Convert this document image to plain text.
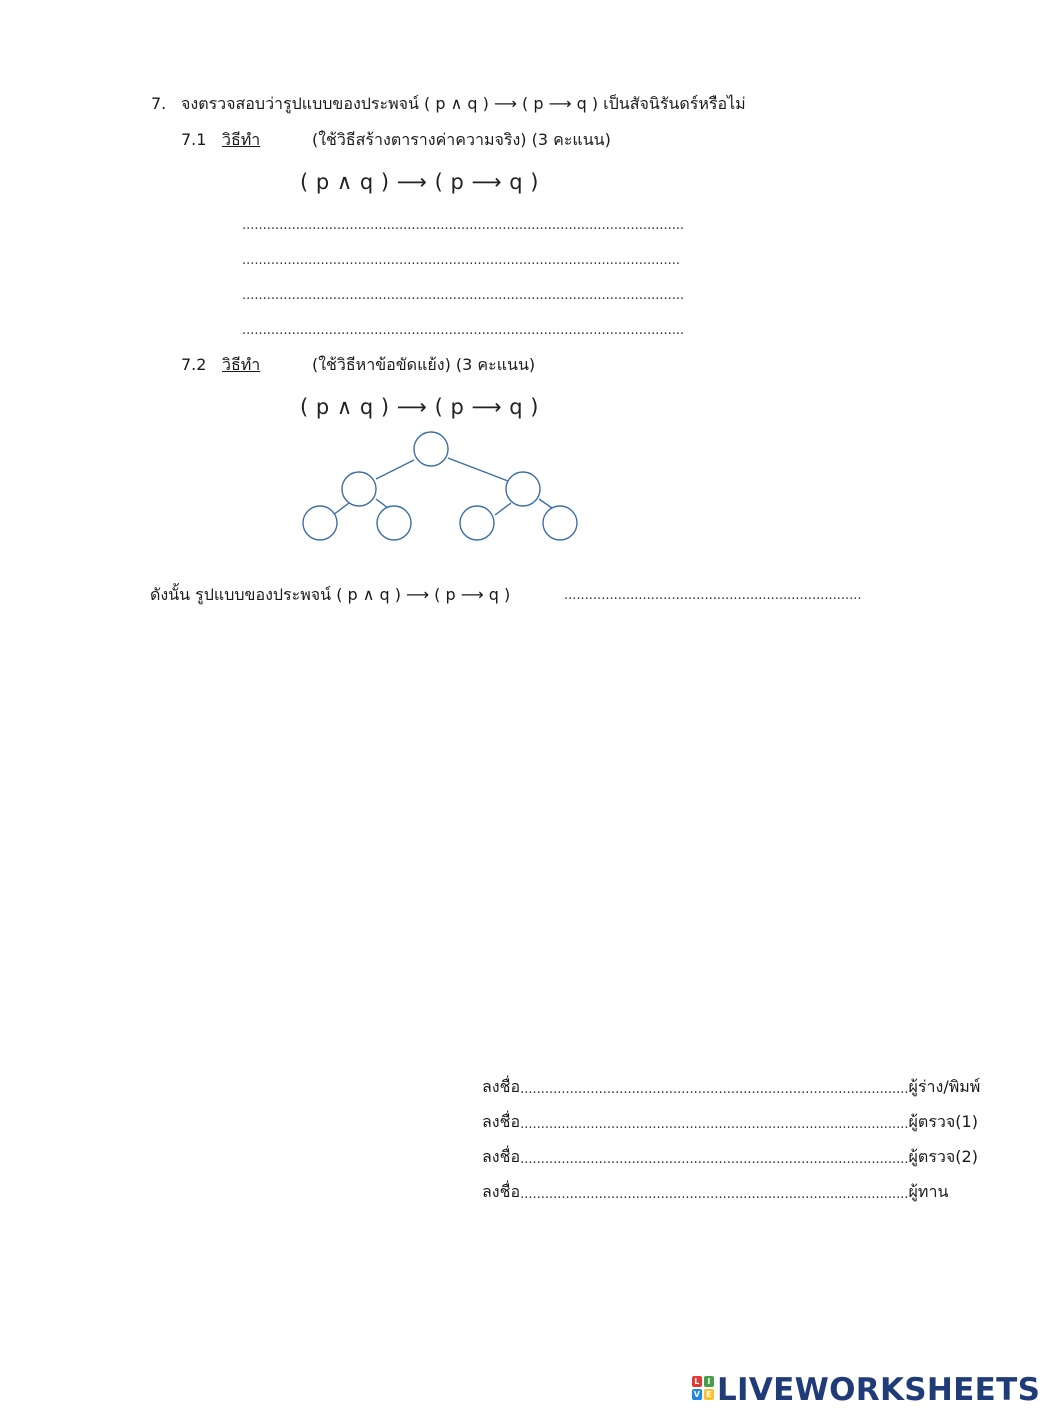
7. จงตรวจสอบว่ารูปแบบของประพจน์ ( p ∧ q ) ⟶ ( p ⟶ q ) เป็นสัจนิรันดร์หรือไม่
7.1 วิธีทำ	(ใช้วิธีสร้างตารางค่าความจริง) (3 คะแนน)
( p ∧ q ) ⟶ ( p ⟶ q )
...........................................................................................................
..........................................................................................................
...........................................................................................................
...........................................................................................................
7.2 วิธีทำ	(ใช้วิธีหาข้อขัดแย้ง) (3 คะแนน)
( p ∧ q ) ⟶ ( p ⟶ q )
ดังนั้น รูปแบบของประพจน์ ( p ∧ q ) ⟶ ( p ⟶ q )	........................................................................
ลงชื่อ .............................................................................................. ผู้ร่าง/พิมพ์
ลงชื่อ .............................................................................................. ผู้ตรวจ(1)
ลงชื่อ .............................................................................................. ผู้ตรวจ(2)
ลงชื่อ .............................................................................................. ผู้ทาน
L I
V E LIVEWORKSHEETS
